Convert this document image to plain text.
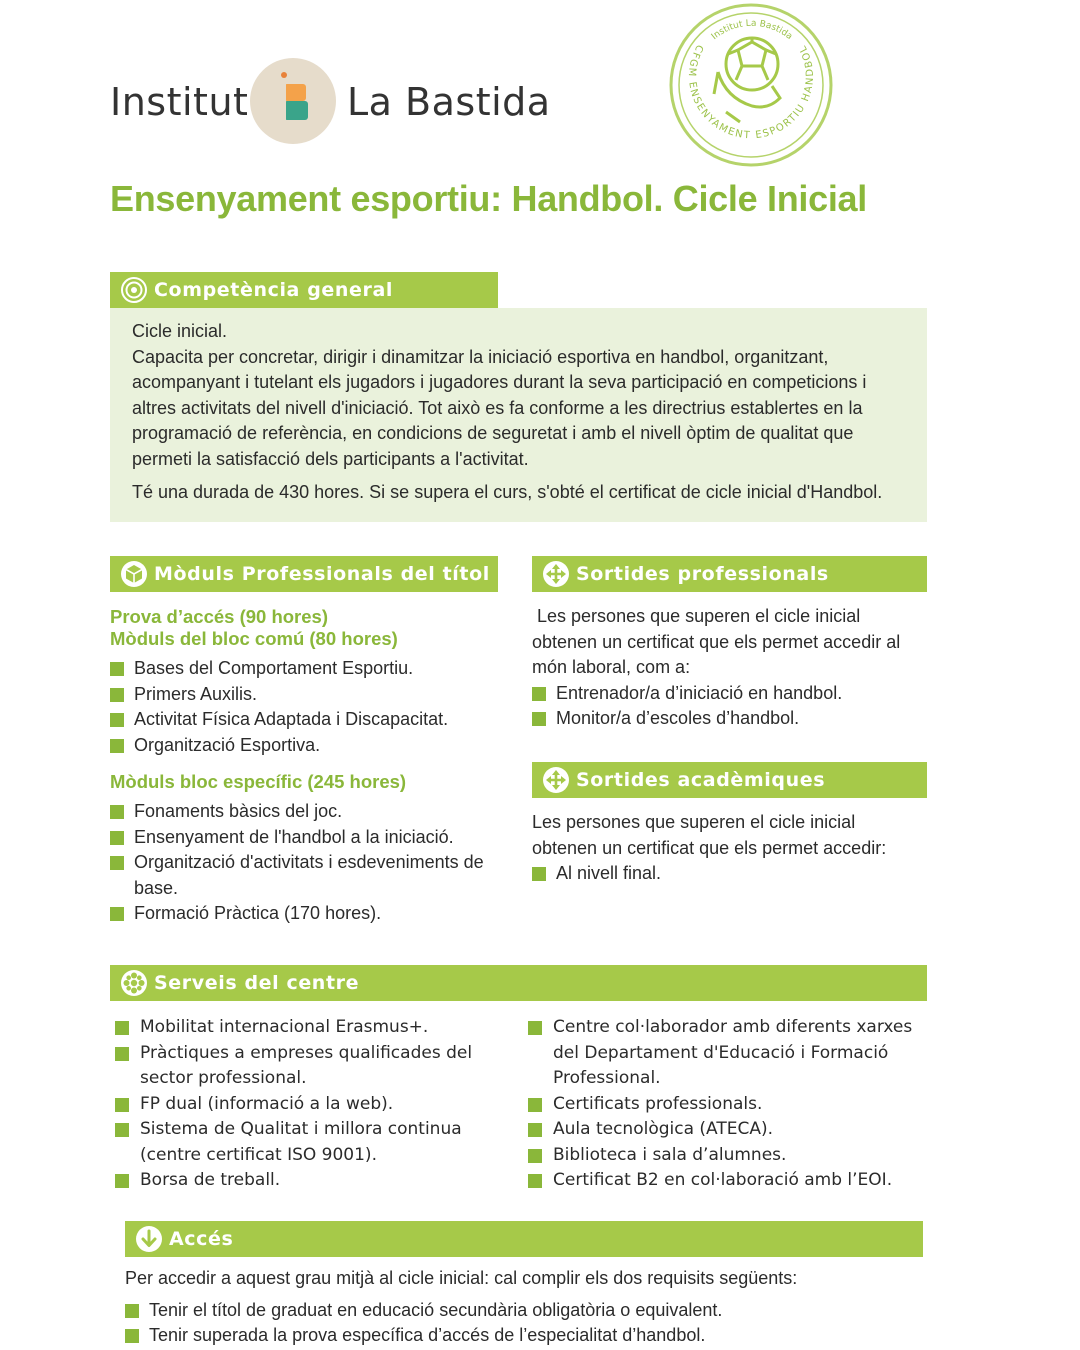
Institut B La Bastida
Institut La Bastida
CFGM ENSENYAMENT ESPORTIU HANDBOL
Ensenyament esportiu: Handbol. Cicle Inicial
Competència general

Cicle inicial.

Capacita per concretar, dirigir i dinamitzar la iniciació esportiva en handbol, organitzant, acompanyant i tutelant els jugadors i jugadores durant la seva participació en competicions i altres activitats del nivell d'iniciació. Tot això es fa conforme a les directrius establertes en la programació de referència, en condicions de seguretat i amb el nivell òptim de qualitat que permeti la satisfacció dels participants a l'activitat.

Té una durada de 430 hores. Si se supera el curs, s'obté el certificat de cicle inicial d'Handbol.

Mòduls Professionals del títol
Prova d’accés (90 hores)
Mòduls del bloc comú (80 hores)
Bases del Comportament Esportiu.
Primers Auxilis.
Activitat Física Adaptada i Discapacitat.
Organització Esportiva.
Mòduls bloc específic (245 hores)
Fonaments bàsics del joc.
Ensenyament de l'handbol a la iniciació.
Organització d'activitats i esdeveniments de base.
Formació Pràctica (170 hores).
Sortides professionals

Les persones que superen el cicle inicial obtenen un certificat que els permet accedir al món laboral, com a:

Entrenador/a d’iniciació en handbol.
Monitor/a d’escoles d’handbol.
Sortides acadèmiques

Les persones que superen el cicle inicial obtenen un certificat que els permet accedir:

Al nivell final.
Serveis del centre
Mobilitat internacional Erasmus+.
Pràctiques a empreses qualificades del sector professional.
FP dual (informació a la web).
Sistema de Qualitat i millora continua (centre certificat ISO 9001).
Borsa de treball.
Centre col·laborador amb diferents xarxes del Departament d'Educació i Formació Professional.
Certificats professionals.
Aula tecnològica (ATECA).
Biblioteca i sala d’alumnes.
Certificat B2 en col·laboració amb l’EOI.
Accés

Per accedir a aquest grau mitjà al cicle inicial: cal complir els dos requisits següents:

Tenir el títol de graduat en educació secundària obligatòria o equivalent.
Tenir superada la prova específica d’accés de l’especialitat d’handbol.
